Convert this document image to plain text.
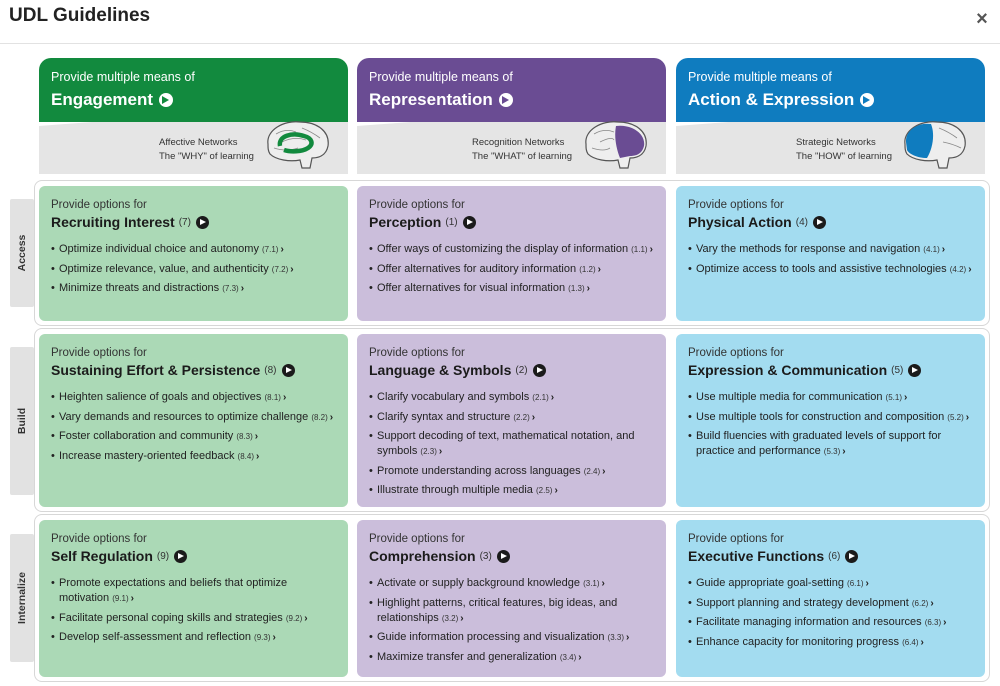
UDL Guidelines	×
Provide multiple means of
Engagement
Affective Networks
The "WHY" of learning
Provide multiple means of
Representation
Recognition Networks
The "WHAT" of learning
Provide multiple means of
Action & Expression
Strategic Networks
The "HOW" of learning
Access
Build
Internalize
Provide options for
Recruiting Interest (7)
• Optimize individual choice and autonomy (7.1) ›
• Optimize relevance, value, and authenticity (7.2) ›
• Minimize threats and distractions (7.3) ›
Provide options for
Perception (1)
• Offer ways of customizing the display of information (1.1) ›
• Offer alternatives for auditory information (1.2) ›
• Offer alternatives for visual information (1.3) ›
Provide options for
Physical Action (4)
• Vary the methods for response and navigation (4.1) ›
• Optimize access to tools and assistive technologies (4.2) ›
Provide options for
Sustaining Effort & Persistence (8)
• Heighten salience of goals and objectives (8.1) ›
• Vary demands and resources to optimize challenge (8.2) ›
• Foster collaboration and community (8.3) ›
• Increase mastery-oriented feedback (8.4) ›
Provide options for
Language & Symbols (2)
• Clarify vocabulary and symbols (2.1) ›
• Clarify syntax and structure (2.2) ›
• Support decoding of text, mathematical notation, and symbols (2.3) ›
• Promote understanding across languages (2.4) ›
• Illustrate through multiple media (2.5) ›
Provide options for
Expression & Communication (5)
• Use multiple media for communication (5.1) ›
• Use multiple tools for construction and composition (5.2) ›
• Build fluencies with graduated levels of support for practice and performance (5.3) ›
Provide options for
Self Regulation (9)
• Promote expectations and beliefs that optimize motivation (9.1) ›
• Facilitate personal coping skills and strategies (9.2) ›
• Develop self-assessment and reflection (9.3) ›
Provide options for
Comprehension (3)
• Activate or supply background knowledge (3.1) ›
• Highlight patterns, critical features, big ideas, and relationships (3.2) ›
• Guide information processing and visualization (3.3) ›
• Maximize transfer and generalization (3.4) ›
Provide options for
Executive Functions (6)
• Guide appropriate goal-setting (6.1) ›
• Support planning and strategy development (6.2) ›
• Facilitate managing information and resources (6.3) ›
• Enhance capacity for monitoring progress (6.4) ›
